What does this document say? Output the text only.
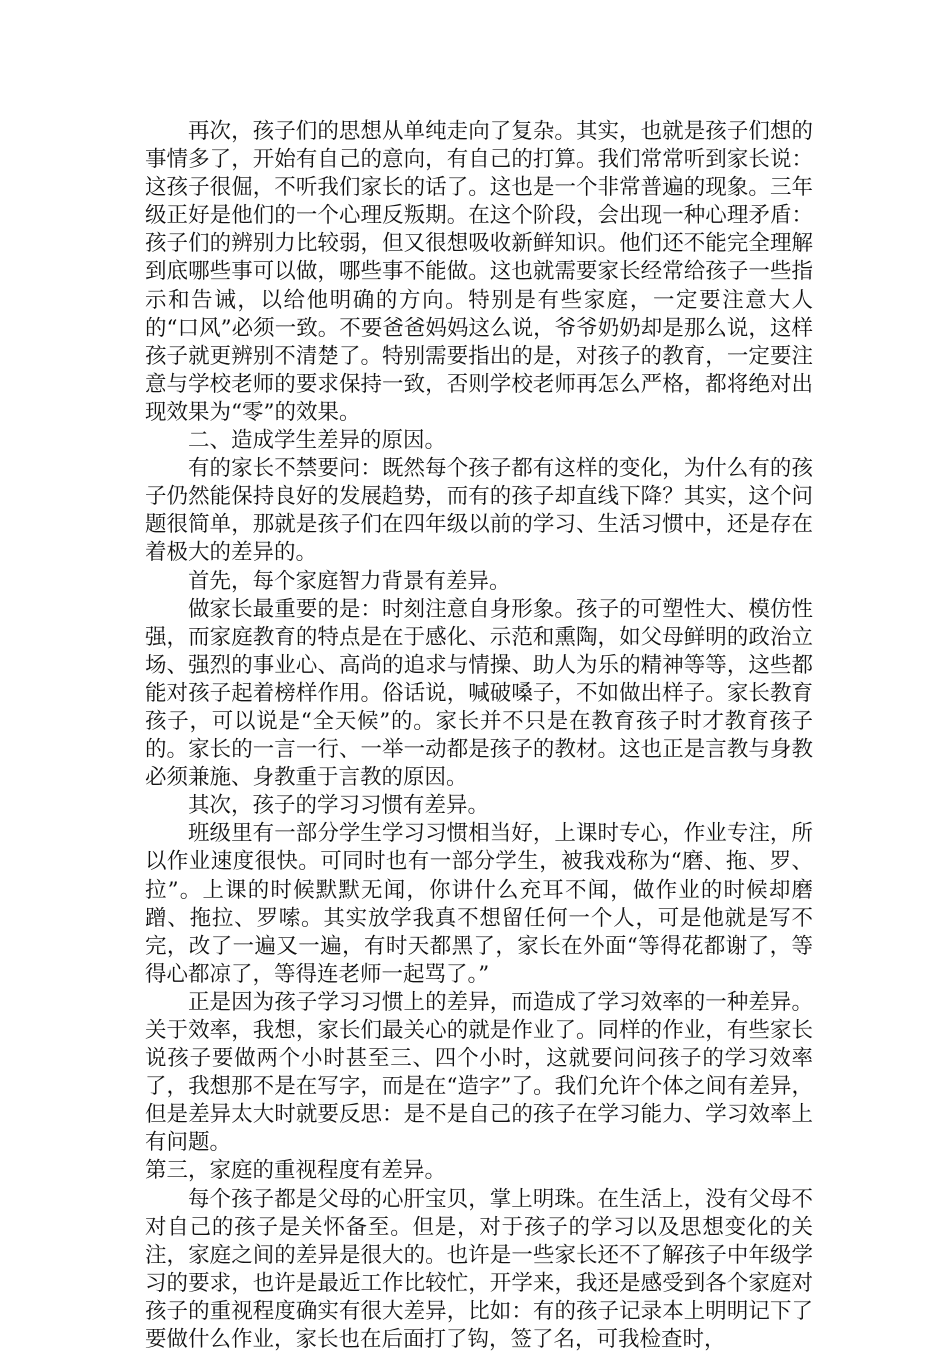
再次，孩子们的思想从单纯走向了复杂。其实，也就是孩子们想的事情多了，开始有自己的意向，有自己的打算。我们常常听到家长说：这孩子很倔，不听我们家长的话了。这也是一个非常普遍的现象。三年级正好是他们的一个心理反叛期。在这个阶段，会出现一种心理矛盾：孩子们的辨别力比较弱，但又很想吸收新鲜知识。他们还不能完全理解到底哪些事可以做，哪些事不能做。这也就需要家长经常给孩子一些指示和告诫，以给他明确的方向。特别是有些家庭，一定要注意大人的“口风”必须一致。不要爸爸妈妈这么说，爷爷奶奶却是那么说，这样孩子就更辨别不清楚了。特别需要指出的是，对孩子的教育，一定要注意与学校老师的要求保持一致，否则学校老师再怎么严格，都将绝对出现效果为“零”的效果。

二、造成学生差异的原因。

有的家长不禁要问：既然每个孩子都有这样的变化，为什么有的孩子仍然能保持良好的发展趋势，而有的孩子却直线下降？其实，这个问题很简单，那就是孩子们在四年级以前的学习、生活习惯中，还是存在着极大的差异的。

首先，每个家庭智力背景有差异。

做家长最重要的是：时刻注意自身形象。孩子的可塑性大、模仿性强，而家庭教育的特点是在于感化、示范和熏陶，如父母鲜明的政治立场、强烈的事业心、高尚的追求与情操、助人为乐的精神等等，这些都能对孩子起着榜样作用。俗话说，喊破嗓子，不如做出样子。家长教育孩子，可以说是“全天候”的。家长并不只是在教育孩子时才教育孩子的。家长的一言一行、一举一动都是孩子的教材。这也正是言教与身教必须兼施、身教重于言教的原因。

其次，孩子的学习习惯有差异。

班级里有一部分学生学习习惯相当好，上课时专心，作业专注，所以作业速度很快。可同时也有一部分学生，被我戏称为“磨、拖、罗、拉”。上课的时候默默无闻，你讲什么充耳不闻，做作业的时候却磨蹭、拖拉、罗嗦。其实放学我真不想留任何一个人，可是他就是写不完，改了一遍又一遍，有时天都黑了，家长在外面“等得花都谢了，等得心都凉了，等得连老师一起骂了。”

正是因为孩子学习习惯上的差异，而造成了学习效率的一种差异。关于效率，我想，家长们最关心的就是作业了。同样的作业，有些家长说孩子要做两个小时甚至三、四个小时，这就要问问孩子的学习效率了，我想那不是在写字，而是在“造字”了。我们允许个体之间有差异，但是差异太大时就要反思：是不是自己的孩子在学习能力、学习效率上有问题。

第三，家庭的重视程度有差异。

每个孩子都是父母的心肝宝贝，掌上明珠。在生活上，没有父母不对自己的孩子是关怀备至。但是，对于孩子的学习以及思想变化的关注，家庭之间的差异是很大的。也许是一些家长还不了解孩子中年级学习的要求，也许是最近工作比较忙，开学来，我还是感受到各个家庭对孩子的重视程度确实有很大差异，比如：有的孩子记录本上明明记下了要做什么作业，家长也在后面打了钩，签了名，可我检查时，
